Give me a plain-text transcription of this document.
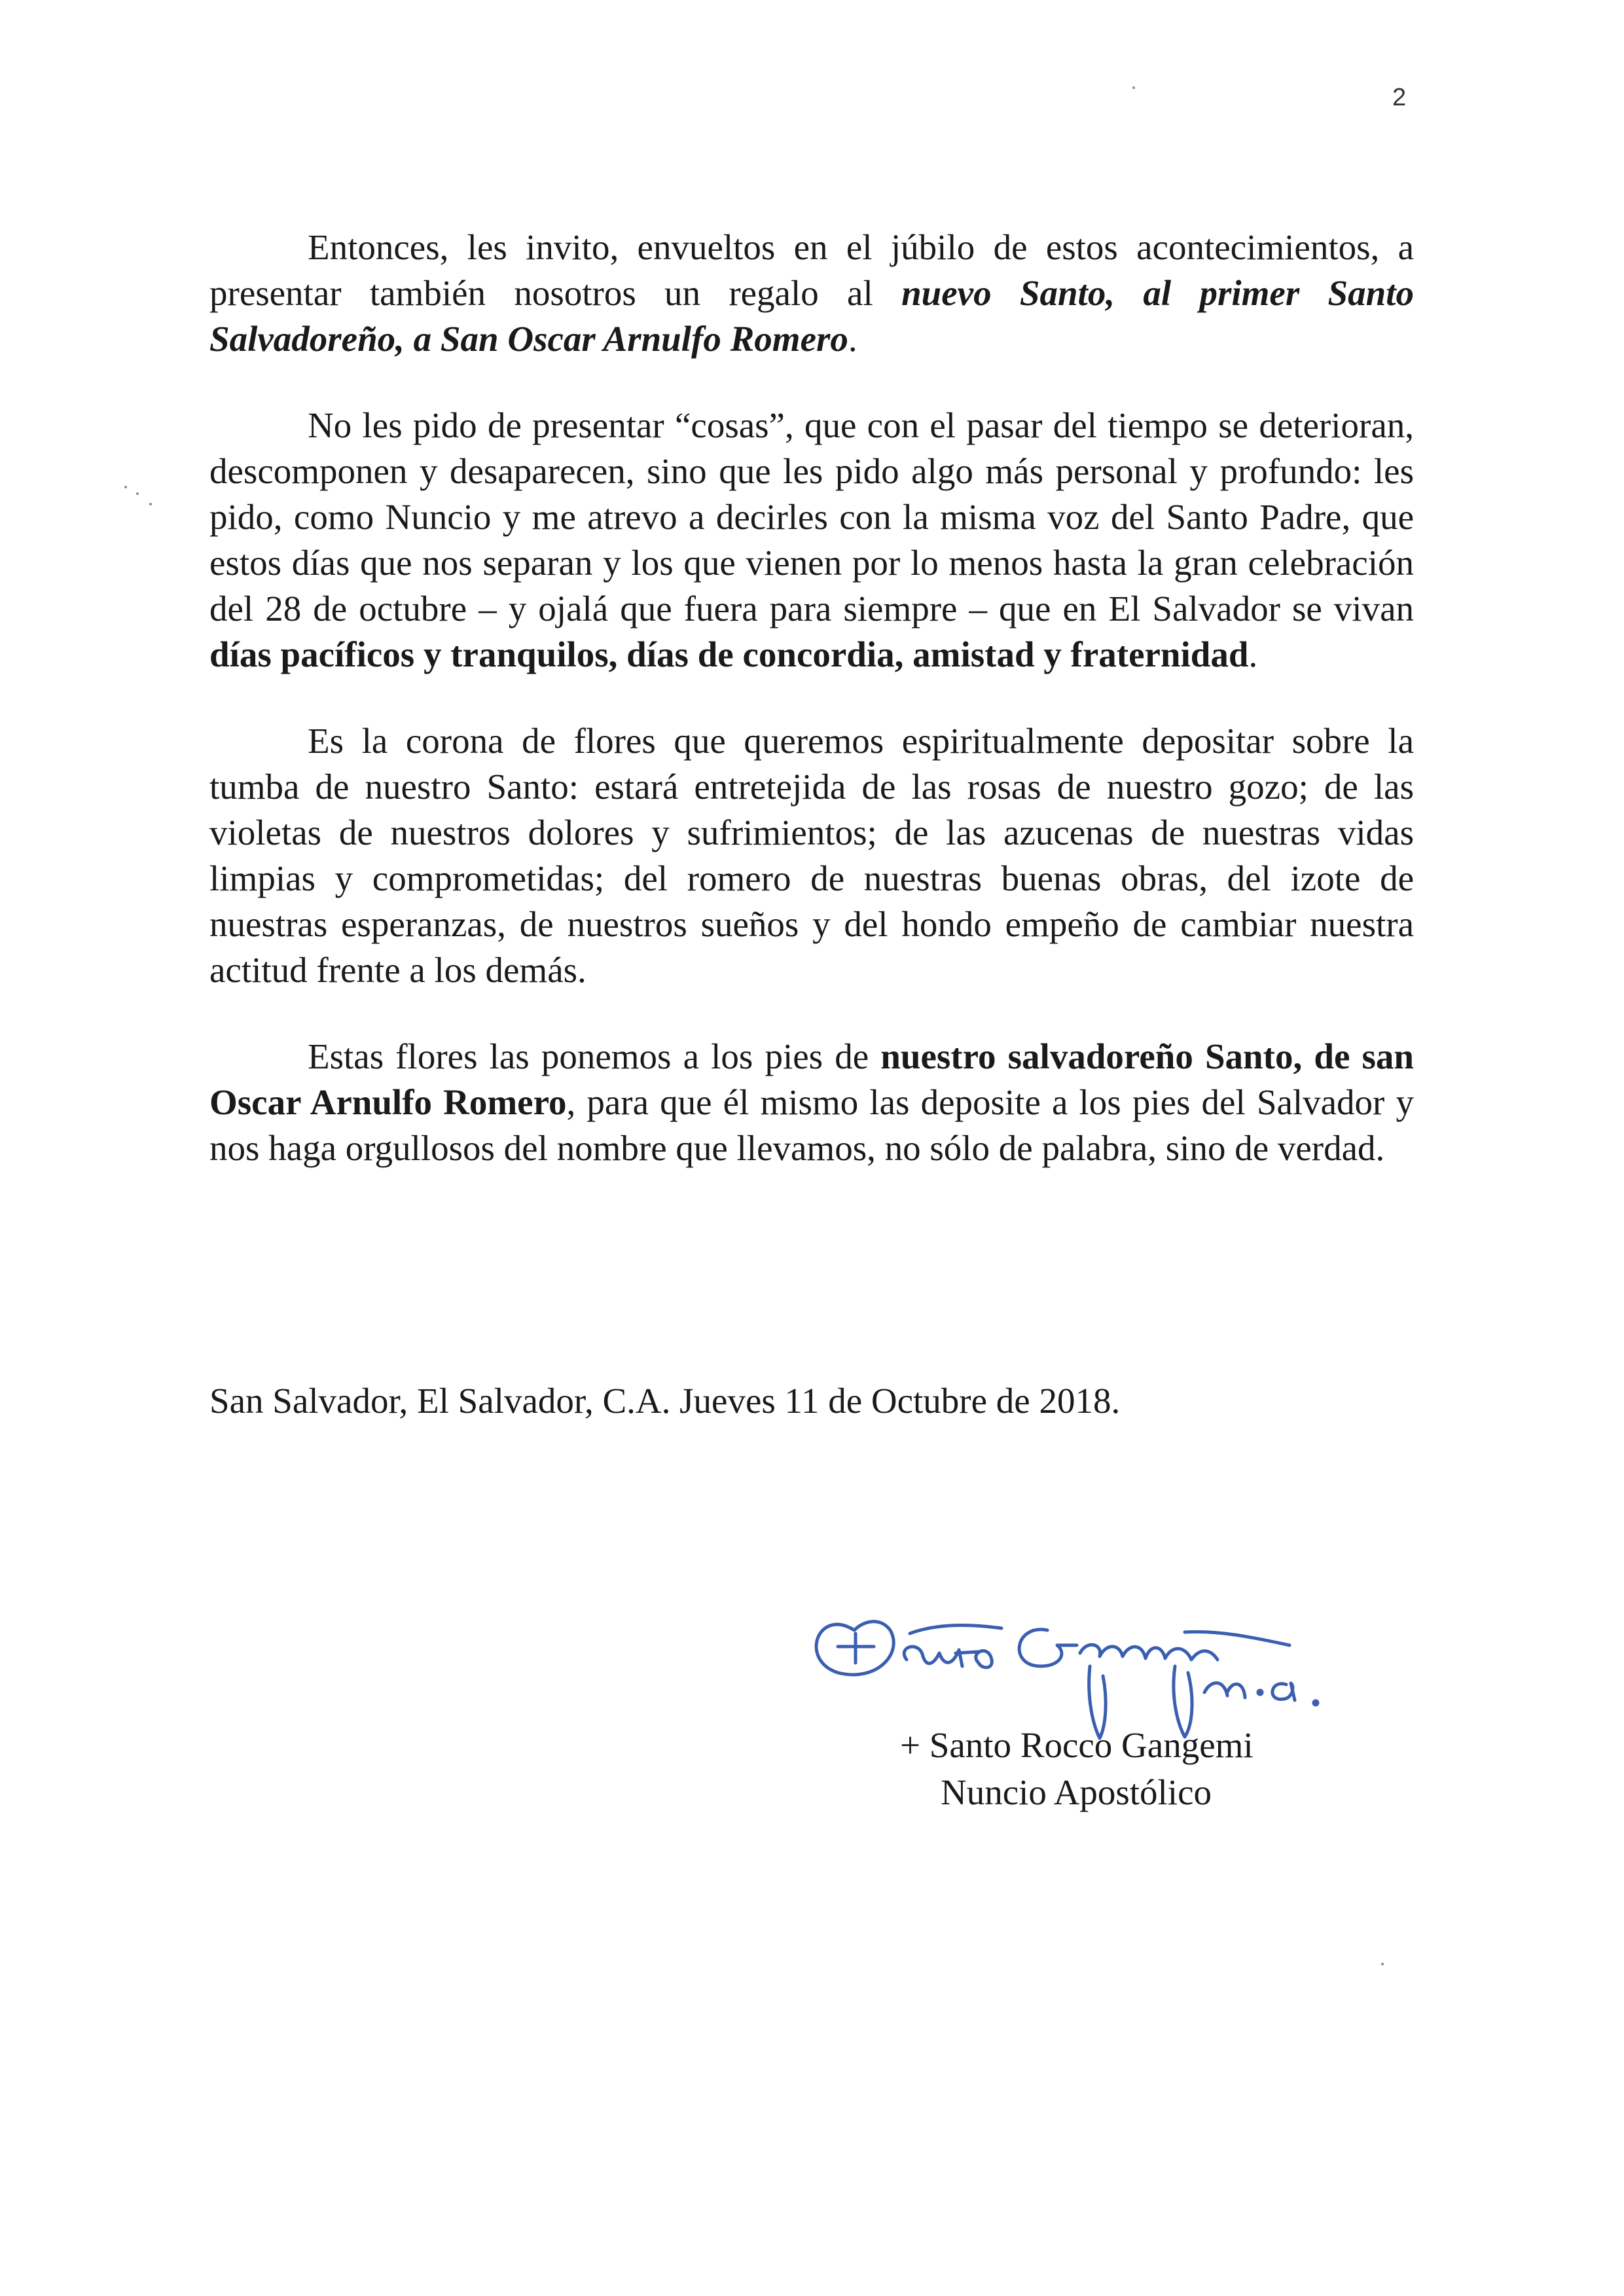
2

Entonces, les invito, envueltos en el júbilo de estos acontecimientos, a presentar también nosotros un regalo al nuevo Santo, al primer Santo Salvadoreño, a San Oscar Arnulfo Romero.

No les pido de presentar “cosas”, que con el pasar del tiempo se deterioran, descomponen y desaparecen, sino que les pido algo más personal y profundo: les pido, como Nuncio y me atrevo a decirles con la misma voz del Santo Padre, que estos días que nos separan y los que vienen por lo menos hasta la gran celebración del 28 de octubre – y ojalá que fuera para siempre – que en El Salvador se vivan días pacíficos y tranquilos, días de concordia, amistad y fraternidad.

Es la corona de flores que queremos espiritualmente depositar sobre la tumba de nuestro Santo: estará entretejida de las rosas de nuestro gozo; de las violetas de nuestros dolores y sufrimientos; de las azucenas de nuestras vidas limpias y comprometidas; del romero de nuestras buenas obras, del izote de nuestras esperanzas, de nuestros sueños y del hondo empeño de cambiar nuestra actitud frente a los demás.

Estas flores las ponemos a los pies de nuestro salvadoreño Santo, de san Oscar Arnulfo Romero, para que él mismo las deposite a los pies del Salvador y nos haga orgullosos del nombre que llevamos, no sólo de palabra, sino de verdad.

San Salvador, El Salvador, C.A. Jueves 11 de Octubre de 2018.
+ Santo Rocco Gangemi
Nuncio Apostólico
